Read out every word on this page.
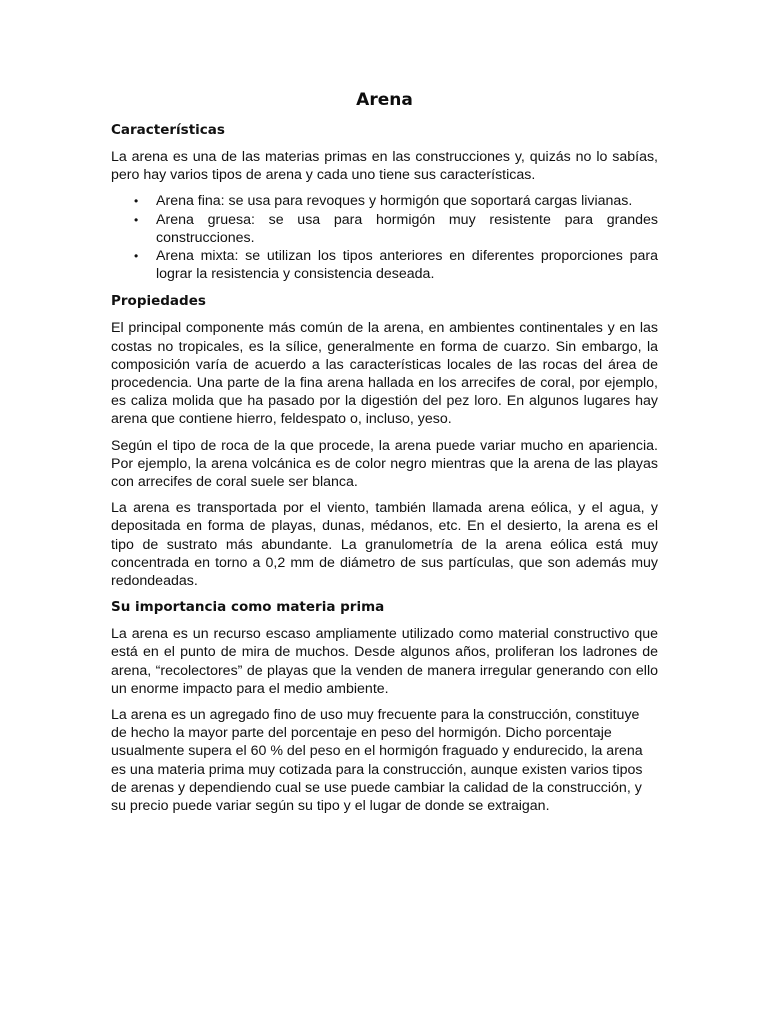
Arena
Características

La arena es una de las materias primas en las construcciones y, quizás no lo sabías, pero hay varios tipos de arena y cada uno tiene sus características.

• Arena fina: se usa para revoques y hormigón que soportará cargas livianas.
• Arena gruesa: se usa para hormigón muy resistente para grandes construcciones.
• Arena mixta: se utilizan los tipos anteriores en diferentes proporciones para lograr la resistencia y consistencia deseada.
Propiedades

El principal componente más común de la arena, en ambientes continentales y en las costas no tropicales, es la sílice, generalmente en forma de cuarzo. Sin embargo, la composición varía de acuerdo a las características locales de las rocas del área de procedencia. Una parte de la fina arena hallada en los arrecifes de coral, por ejemplo, es caliza molida que ha pasado por la digestión del pez loro. En algunos lugares hay arena que contiene hierro, feldespato o, incluso, yeso.

Según el tipo de roca de la que procede, la arena puede variar mucho en apariencia. Por ejemplo, la arena volcánica es de color negro mientras que la arena de las playas con arrecifes de coral suele ser blanca.

La arena es transportada por el viento, también llamada arena eólica, y el agua, y depositada en forma de playas, dunas, médanos, etc. En el desierto, la arena es el tipo de sustrato más abundante. La granulometría de la arena eólica está muy concentrada en torno a 0,2 mm de diámetro de sus partículas, que son además muy redondeadas.

Su importancia como materia prima

La arena es un recurso escaso ampliamente utilizado como material constructivo que está en el punto de mira de muchos. Desde algunos años, proliferan los ladrones de arena, “recolectores” de playas que la venden de manera irregular generando con ello un enorme impacto para el medio ambiente.

La arena es un agregado fino de uso muy frecuente para la construcción, constituye de hecho la mayor parte del porcentaje en peso del hormigón. Dicho porcentaje usualmente supera el 60 % del peso en el hormigón fraguado y endurecido, la arena es una materia prima muy cotizada para la construcción, aunque existen varios tipos de arenas y dependiendo cual se use puede cambiar la calidad de la construcción, y su precio puede variar según su tipo y el lugar de donde se extraigan.
